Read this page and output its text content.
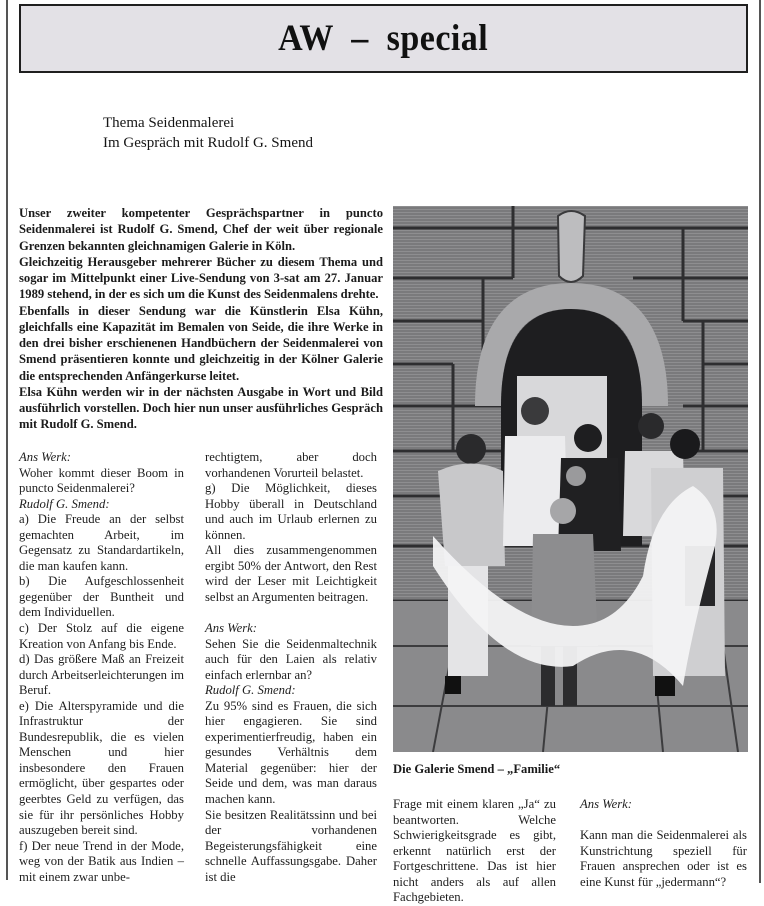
AW  –  special
Thema Seidenmalerei
Im Gespräch mit Rudolf G. Smend

Unser zweiter kompetenter Gesprächspartner in puncto Seidenmalerei ist Rudolf G. Smend, Chef der weit über regionale Grenzen bekannten gleichnamigen Galerie in Köln.

Gleichzeitig Herausgeber mehrerer Bücher zu diesem Thema und sogar im Mittelpunkt einer Live-Sendung von 3-sat am 27. Januar 1989 stehend, in der es sich um die Kunst des Seidenmalens drehte.

Ebenfalls in dieser Sendung war die Künstlerin Elsa Kühn, gleichfalls eine Kapazität im Bemalen von Seide, die ihre Werke in den drei bisher erschienenen Handbüchern der Seidenmalerei von Smend präsentieren konnte und gleichzeitig in der Kölner Galerie die entsprechenden Anfängerkurse leitet.

Elsa Kühn werden wir in der nächsten Ausgabe in Wort und Bild ausführlich vorstellen. Doch hier nun unser ausführliches Gespräch mit Rudolf G. Smend.

Ans Werk:

Woher kommt dieser Boom in puncto Seidenmalerei?

Rudolf G. Smend:

a) Die Freude an der selbst gemachten Arbeit, im Gegensatz zu Standardartikeln, die man kaufen kann.

b) Die Aufgeschlossenheit gegenüber der Buntheit und dem Individuellen.

c) Der Stolz auf die eigene Kreation von Anfang bis Ende.

d) Das größere Maß an Freizeit durch Arbeitserleichterungen im Beruf.

e) Die Alterspyramide und die Infrastruktur der Bundesrepublik, die es vielen Menschen und hier insbesondere den Frauen ermöglicht, über gespartes oder geerbtes Geld zu verfügen, das sie für ihr persönliches Hobby auszugeben bereit sind.

f) Der neue Trend in der Mode, weg von der Batik aus Indien – mit einem zwar unbe-

rechtigtem, aber doch vorhandenen Vorurteil belastet.

g) Die Möglichkeit, dieses Hobby überall in Deutschland und auch im Urlaub erlernen zu können.

All dies zusammengenommen ergibt 50% der Antwort, den Rest wird der Leser mit Leichtigkeit selbst an Argumenten beitragen.

Ans Werk:

Sehen Sie die Seidenmaltechnik auch für den Laien als relativ einfach erlernbar an?

Rudolf G. Smend:

Zu 95% sind es Frauen, die sich hier engagieren. Sie sind experimentierfreudig, haben ein gesundes Verhältnis dem Material gegenüber: hier der Seide und dem, was man daraus machen kann.

Sie besitzen Realitätssinn und bei der vorhandenen Begeisterungsfähigkeit eine schnelle Auffassungsgabe. Daher ist die

Die Galerie Smend – „Familie“

Frage mit einem klaren „Ja“ zu beantworten. Welche Schwierigkeitsgrade es gibt, erkennt natürlich erst der Fortgeschrittene. Das ist hier nicht anders als auf allen Fachgebieten.

Ans Werk:

Kann man die Seidenmalerei als Kunstrichtung speziell für Frauen ansprechen oder ist es eine Kunst für „jedermann“?
